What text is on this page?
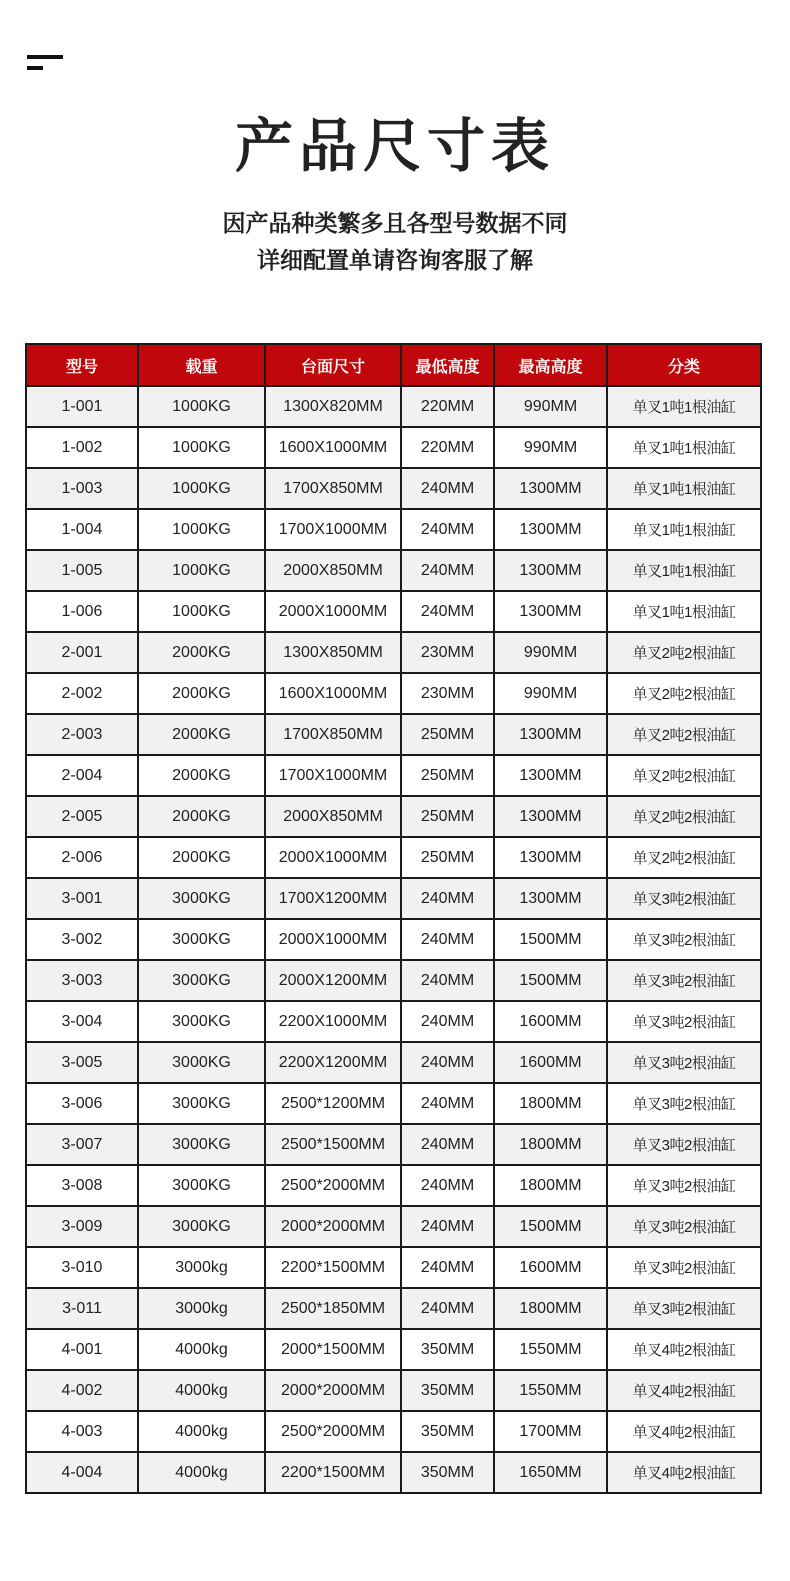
产品尺寸表
因产品种类繁多且各型号数据不同
详细配置单请咨询客服了解
型号	载重	台面尺寸	最低高度	最高高度	分类
1-001	1000KG	1300X820MM	220MM	990MM	单叉1吨1根油缸
1-002	1000KG	1600X1000MM	220MM	990MM	单叉1吨1根油缸
1-003	1000KG	1700X850MM	240MM	1300MM	单叉1吨1根油缸
1-004	1000KG	1700X1000MM	240MM	1300MM	单叉1吨1根油缸
1-005	1000KG	2000X850MM	240MM	1300MM	单叉1吨1根油缸
1-006	1000KG	2000X1000MM	240MM	1300MM	单叉1吨1根油缸
2-001	2000KG	1300X850MM	230MM	990MM	单叉2吨2根油缸
2-002	2000KG	1600X1000MM	230MM	990MM	单叉2吨2根油缸
2-003	2000KG	1700X850MM	250MM	1300MM	单叉2吨2根油缸
2-004	2000KG	1700X1000MM	250MM	1300MM	单叉2吨2根油缸
2-005	2000KG	2000X850MM	250MM	1300MM	单叉2吨2根油缸
2-006	2000KG	2000X1000MM	250MM	1300MM	单叉2吨2根油缸
3-001	3000KG	1700X1200MM	240MM	1300MM	单叉3吨2根油缸
3-002	3000KG	2000X1000MM	240MM	1500MM	单叉3吨2根油缸
3-003	3000KG	2000X1200MM	240MM	1500MM	单叉3吨2根油缸
3-004	3000KG	2200X1000MM	240MM	1600MM	单叉3吨2根油缸
3-005	3000KG	2200X1200MM	240MM	1600MM	单叉3吨2根油缸
3-006	3000KG	2500*1200MM	240MM	1800MM	单叉3吨2根油缸
3-007	3000KG	2500*1500MM	240MM	1800MM	单叉3吨2根油缸
3-008	3000KG	2500*2000MM	240MM	1800MM	单叉3吨2根油缸
3-009	3000KG	2000*2000MM	240MM	1500MM	单叉3吨2根油缸
3-010	3000kg	2200*1500MM	240MM	1600MM	单叉3吨2根油缸
3-011	3000kg	2500*1850MM	240MM	1800MM	单叉3吨2根油缸
4-001	4000kg	2000*1500MM	350MM	1550MM	单叉4吨2根油缸
4-002	4000kg	2000*2000MM	350MM	1550MM	单叉4吨2根油缸
4-003	4000kg	2500*2000MM	350MM	1700MM	单叉4吨2根油缸
4-004	4000kg	2200*1500MM	350MM	1650MM	单叉4吨2根油缸
